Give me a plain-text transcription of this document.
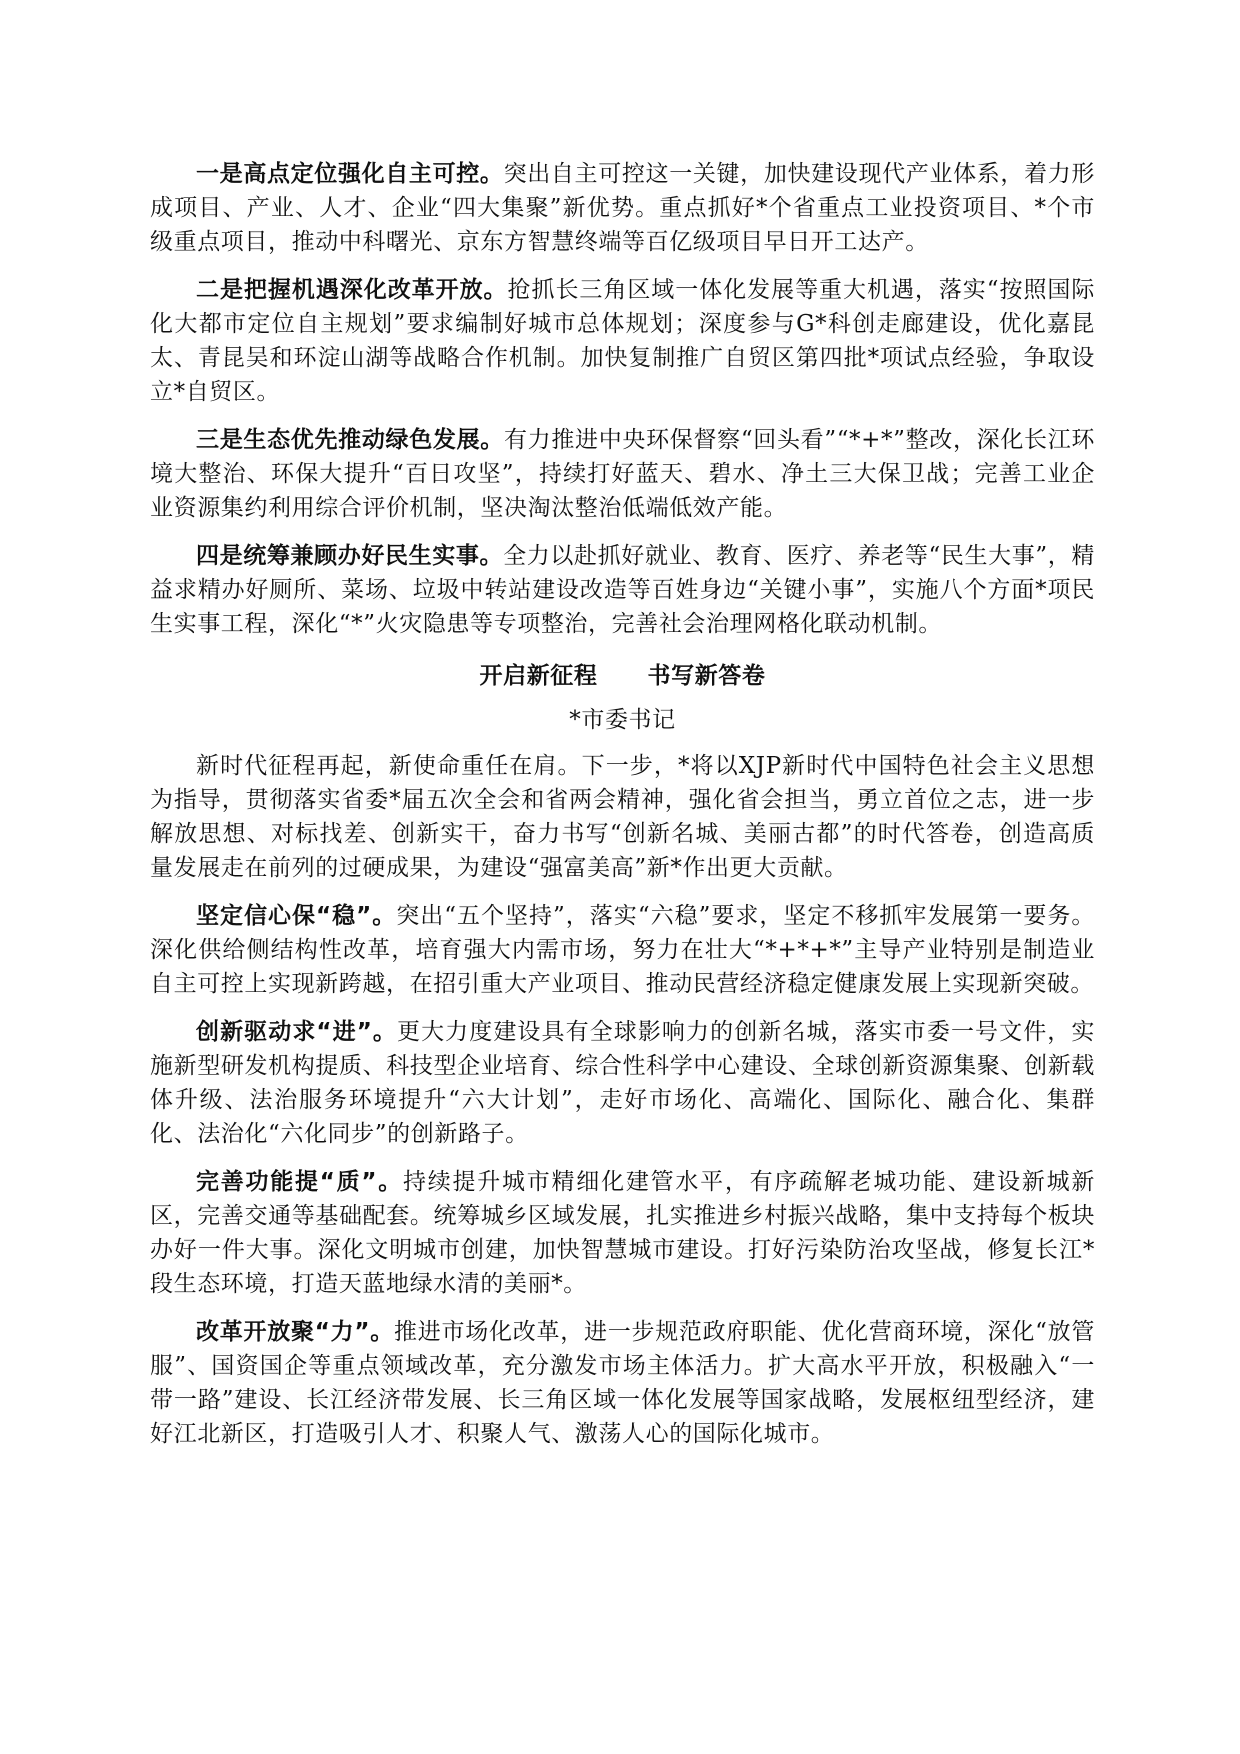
一是高点定位强化自主可控。突出自主可控这一关键，加快建设现代产业体系，着力形成项目、产业、人才、企业“四大集聚”新优势。重点抓好*个省重点工业投资项目、*个市级重点项目，推动中科曙光、京东方智慧终端等百亿级项目早日开工达产。

二是把握机遇深化改革开放。抢抓长三角区域一体化发展等重大机遇，落实“按照国际化大都市定位自主规划”要求编制好城市总体规划；深度参与G*科创走廊建设，优化嘉昆太、青昆吴和环淀山湖等战略合作机制。加快复制推广自贸区第四批*项试点经验，争取设立*自贸区。

三是生态优先推动绿色发展。有力推进中央环保督察“回头看”“*+*”整改，深化长江环境大整治、环保大提升“百日攻坚”，持续打好蓝天、碧水、净土三大保卫战；完善工业企业资源集约利用综合评价机制，坚决淘汰整治低端低效产能。

四是统筹兼顾办好民生实事。全力以赴抓好就业、教育、医疗、养老等“民生大事”，精益求精办好厕所、菜场、垃圾中转站建设改造等百姓身边“关键小事”，实施八个方面*项民生实事工程，深化“*”火灾隐患等专项整治，完善社会治理网格化联动机制。

开启新征程 书写新答卷
*市委书记

新时代征程再起，新使命重任在肩。下一步，*将以XJP新时代中国特色社会主义思想为指导，贯彻落实省委*届五次全会和省两会精神，强化省会担当，勇立首位之志，进一步解放思想、对标找差、创新实干，奋力书写“创新名城、美丽古都”的时代答卷，创造高质量发展走在前列的过硬成果，为建设“强富美高”新*作出更大贡献。

坚定信心保“稳”。突出“五个坚持”，落实“六稳”要求，坚定不移抓牢发展第一要务。深化供给侧结构性改革，培育强大内需市场，努力在壮大“*+*+*”主导产业特别是制造业自主可控上实现新跨越，在招引重大产业项目、推动民营经济稳定健康发展上实现新突破。

创新驱动求“进”。更大力度建设具有全球影响力的创新名城，落实市委一号文件，实施新型研发机构提质、科技型企业培育、综合性科学中心建设、全球创新资源集聚、创新载体升级、法治服务环境提升“六大计划”，走好市场化、高端化、国际化、融合化、集群化、法治化“六化同步”的创新路子。

完善功能提“质”。持续提升城市精细化建管水平，有序疏解老城功能、建设新城新区，完善交通等基础配套。统筹城乡区域发展，扎实推进乡村振兴战略，集中支持每个板块办好一件大事。深化文明城市创建，加快智慧城市建设。打好污染防治攻坚战，修复长江*段生态环境，打造天蓝地绿水清的美丽*。

改革开放聚“力”。推进市场化改革，进一步规范政府职能、优化营商环境，深化“放管服”、国资国企等重点领域改革，充分激发市场主体活力。扩大高水平开放，积极融入“一带一路”建设、长江经济带发展、长三角区域一体化发展等国家战略，发展枢纽型经济，建好江北新区，打造吸引人才、积聚人气、激荡人心的国际化城市。
